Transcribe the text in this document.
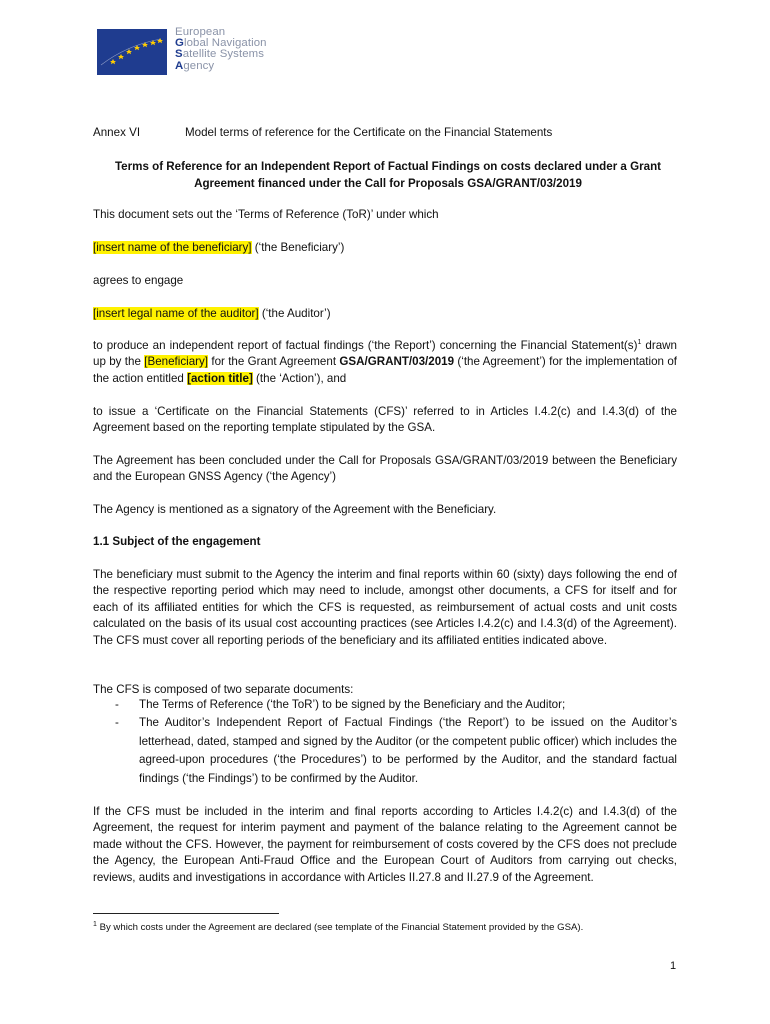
European
Global Navigation
Satellite Systems
Agency
Annex VI	Model terms of reference for the Certificate on the Financial Statements
Terms of Reference for an Independent Report of Factual Findings on costs declared under a Grant
Agreement financed under the Call for Proposals GSA/GRANT/03/2019
This document sets out the ‘Terms of Reference (ToR)’ under which
[insert name of the beneficiary] (‘the Beneficiary’)
agrees to engage
[insert legal name of the auditor] (‘the Auditor’)
to produce an independent report of factual findings (‘the Report’) concerning the Financial $Statement(s)^1$ drawn up by the [Beneficiary] for the Grant Agreement GSA/GRANT/03/2019 (‘the Agreement’) for the implementation of the action entitled [action title] (the ‘Action’), and
to issue a ‘Certificate on the Financial Statements (CFS)’ referred to in Articles I.4.2(c) and I.4.3(d) of the Agreement based on the reporting template stipulated by the GSA.
The Agreement has been concluded under the Call for Proposals GSA/GRANT/03/2019 between the Beneficiary and the European GNSS Agency (‘the Agency’)
The Agency is mentioned as a signatory of the Agreement with the Beneficiary.
1.1 Subject of the engagement
The beneficiary must submit to the Agency the interim and final reports within 60 (sixty) days following the end of the respective reporting period which may need to include, amongst other documents, a CFS for itself and for each of its affiliated entities for which the CFS is requested, as reimbursement of actual costs and unit costs calculated on the basis of its usual cost accounting practices (see Articles I.4.2(c) and I.4.3(d) of the Agreement). The CFS must cover all reporting periods of the beneficiary and its affiliated entities indicated above.
The CFS is composed of two separate documents:
- The Terms of Reference (‘the ToR’) to be signed by the Beneficiary and the Auditor;
- The Auditor’s Independent Report of Factual Findings (‘the Report’) to be issued on the Auditor’s letterhead, dated, stamped and signed by the Auditor (or the competent public officer) which includes the agreed-upon procedures (‘the Procedures’) to be performed by the Auditor, and the standard factual findings (‘the Findings’) to be confirmed by the Auditor.
If the CFS must be included in the interim and final reports according to Articles I.4.2(c) and I.4.3(d) of the Agreement, the request for interim payment and payment of the balance relating to the Agreement cannot be made without the CFS. However, the payment for reimbursement of costs covered by the CFS does not preclude the Agency, the European Anti-Fraud Office and the European Court of Auditors from carrying out checks, reviews, audits and investigations in accordance with Articles II.27.8 and II.27.9 of the Agreement.
$^1$ By which costs under the Agreement are declared (see template of the Financial Statement provided by the GSA).
1
